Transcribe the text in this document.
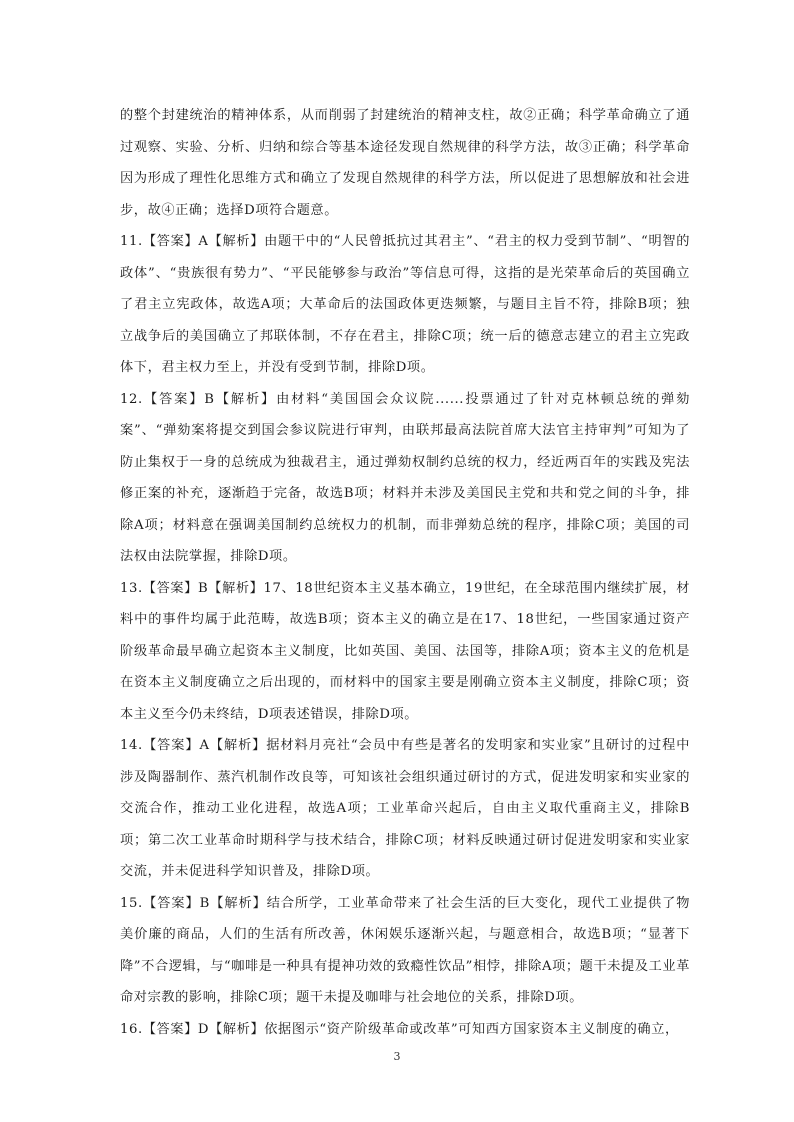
的整个封建统治的精神体系，从而削弱了封建统治的精神支柱，故②正确；科学革命确立了通过观察、实验、分析、归纳和综合等基本途径发现自然规律的科学方法，故③正确；科学革命因为形成了理性化思维方式和确立了发现自然规律的科学方法，所以促进了思想解放和社会进步，故④正确；选择D项符合题意。

11.【答案】A【解析】由题干中的“人民曾抵抗过其君主”、“君主的权力受到节制”、“明智的政体”、“贵族很有势力”、“平民能够参与政治”等信息可得，这指的是光荣革命后的英国确立了君主立宪政体，故选A项；大革命后的法国政体更迭频繁，与题目主旨不符，排除B项；独立战争后的美国确立了邦联体制，不存在君主，排除C项；统一后的德意志建立的君主立宪政体下，君主权力至上，并没有受到节制，排除D项。

12.【答案】B【解析】由材料“美国国会众议院......投票通过了针对克林顿总统的弹劾案”、“弹劾案将提交到国会参议院进行审判，由联邦最高法院首席大法官主持审判”可知为了防止集权于一身的总统成为独裁君主，通过弹劾权制约总统的权力，经近两百年的实践及宪法修正案的补充，逐渐趋于完备，故选B项；材料并未涉及美国民主党和共和党之间的斗争，排除A项；材料意在强调美国制约总统权力的机制，而非弹劾总统的程序，排除C项；美国的司法权由法院掌握，排除D项。

13.【答案】B【解析】17、18世纪资本主义基本确立，19世纪，在全球范围内继续扩展，材料中的事件均属于此范畴，故选B项；资本主义的确立是在17、18世纪，一些国家通过资产阶级革命最早确立起资本主义制度，比如英国、美国、法国等，排除A项；资本主义的危机是在资本主义制度确立之后出现的，而材料中的国家主要是刚确立资本主义制度，排除C项；资本主义至今仍未终结，D项表述错误，排除D项。

14.【答案】A【解析】据材料月亮社“会员中有些是著名的发明家和实业家”且研讨的过程中涉及陶器制作、蒸汽机制作改良等，可知该社会组织通过研讨的方式，促进发明家和实业家的交流合作，推动工业化进程，故选A项；工业革命兴起后，自由主义取代重商主义，排除B项；第二次工业革命时期科学与技术结合，排除C项；材料反映通过研讨促进发明家和实业家交流，并未促进科学知识普及，排除D项。

15.【答案】B【解析】结合所学，工业革命带来了社会生活的巨大变化，现代工业提供了物美价廉的商品，人们的生活有所改善，休闲娱乐逐渐兴起，与题意相合，故选B项；“显著下降”不合逻辑，与“咖啡是一种具有提神功效的致瘾性饮品”相悖，排除A项；题干未提及工业革命对宗教的影响，排除C项；题干未提及咖啡与社会地位的关系，排除D项。

16.【答案】D【解析】依据图示“资产阶级革命或改革”可知西方国家资本主义制度的确立，

3
